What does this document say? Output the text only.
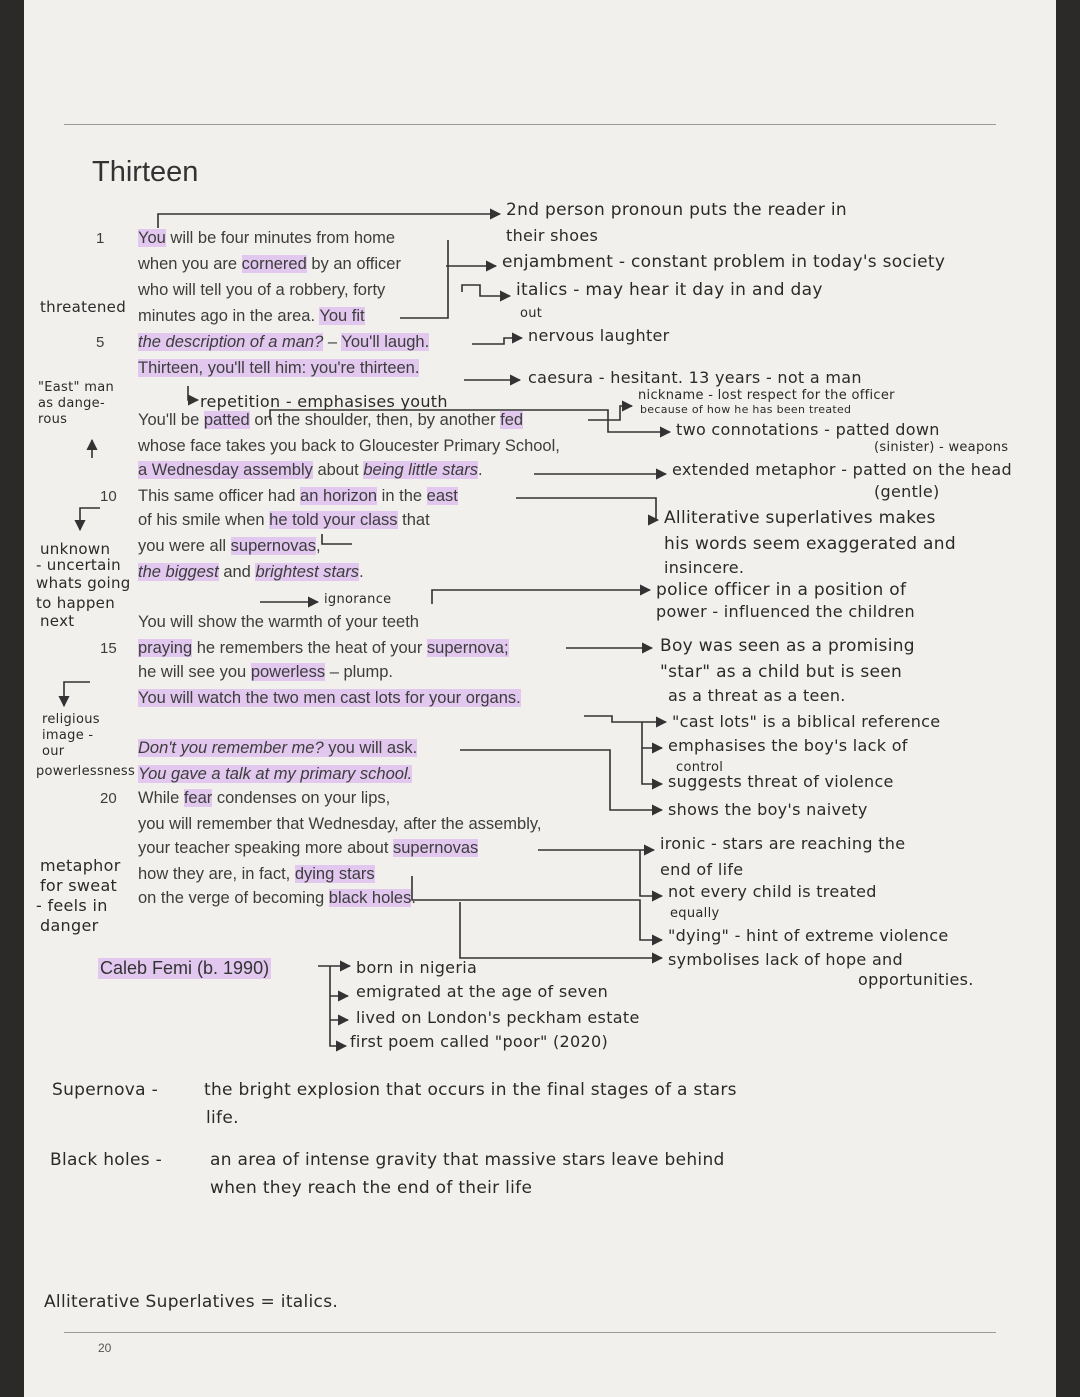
Thirteen
You will be four minutes from home
1
when you are cornered by an officer
who will tell you of a robbery, forty
minutes ago in the area. You fit
the description of a man? – You'll laugh.
5
Thirteen, you'll tell him: you're thirteen.
You'll be patted on the shoulder, then, by another fed
whose face takes you back to Gloucester Primary School,
a Wednesday assembly about being little stars.
This same officer had an horizon in the east
10
of his smile when he told your class that
you were all supernovas,
the biggest and brightest stars.
You will show the warmth of your teeth
praying he remembers the heat of your supernova;
15
he will see you powerless – plump.
You will watch the two men cast lots for your organs.
Don't you remember me? you will ask.
You gave a talk at my primary school.
While fear condenses on your lips,
20
you will remember that Wednesday, after the assembly,
your teacher speaking more about supernovas
how they are, in fact, dying stars
on the verge of becoming black holes.
Caleb Femi (b. 1990)
threatened
"East" man
as dange-
rous
unknown
- uncertain
whats going
to happen
next
religious
image -
our
powerlessness
metaphor
for sweat
- feels in
danger
2nd person pronoun puts the reader in
their shoes
enjambment - constant problem in today's society
italics - may hear it day in and day
out
nervous laughter
caesura - hesitant. 13 years - not a man
nickname - lost respect for the officer
because of how he has been treated
two connotations - patted down
(sinister) - weapons
extended metaphor - patted on the head
(gentle)
Alliterative superlatives makes
his words seem exaggerated and
insincere.
police officer in a position of
power - influenced the children
Boy was seen as a promising
"star" as a child but is seen
as a threat as a teen.
"cast lots" is a biblical reference
emphasises the boy's lack of
control
suggests threat of violence
shows the boy's naivety
ironic - stars are reaching the
end of life
not every child is treated
equally
"dying" - hint of extreme violence
symbolises lack of hope and
opportunities.
repetition - emphasises youth
ignorance
born in nigeria
emigrated at the age of seven
lived on London's peckham estate
first poem called "poor" (2020)
Supernova -	the bright explosion that occurs in the final stages of a stars
life.
Black holes -	an area of intense gravity that massive stars leave behind
when they reach the end of their life
Alliterative Superlatives = italics.
20
